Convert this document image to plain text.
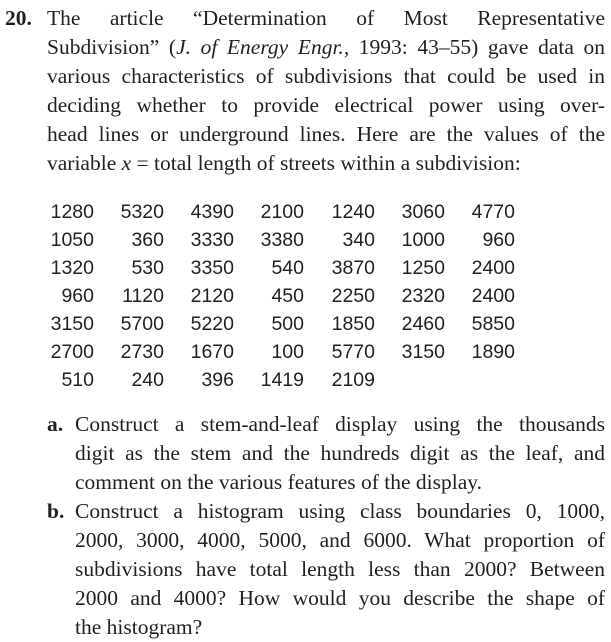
20. The article “Determination of Most Representative
Subdivision” (J. of Energy Engr., 1993: 43–55) gave data on
various characteristics of subdivisions that could be used in
deciding whether to provide electrical power using over-
head lines or underground lines. Here are the values of the
variable x = total length of streets within a subdivision:
1280	5320	4390	2100	1240	3060	4770
1050	360	3330	3380	340	1000	960
1320	530	3350	540	3870	1250	2400
960	1120	2120	450	2250	2320	2400
3150	5700	5220	500	1850	2460	5850
2700	2730	1670	100	5770	3150	1890
510	240	396	1419	2109		
a. Construct a stem-and-leaf display using the thousands
digit as the stem and the hundreds digit as the leaf, and
comment on the various features of the display.
b. Construct a histogram using class boundaries 0, 1000,
2000, 3000, 4000, 5000, and 6000. What proportion of
subdivisions have total length less than 2000? Between
2000 and 4000? How would you describe the shape of
the histogram?
